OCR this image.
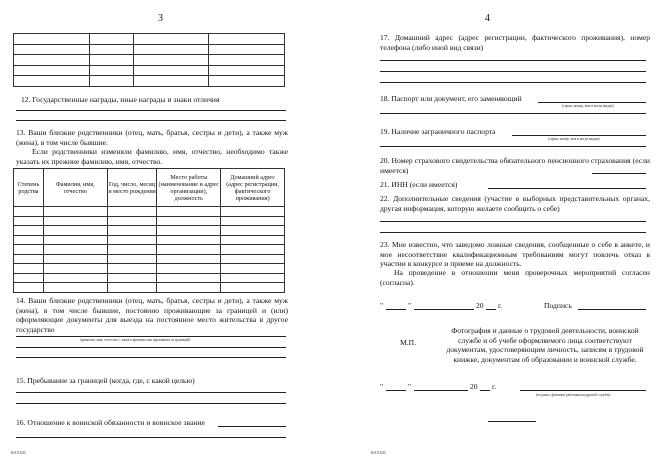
3

12. Государственные награды, иные награды и знаки отличия
13. Ваши близкие родственники (отец, мать, братья, сестры и дети), а также муж (жена), в том числе бывшие.
Если родственники изменяли фамилию, имя, отчество, необходимо также указать их прежние фамилию, имя, отчество.
Степень родства	Фамилия, имя, отчество	Год, число, месяц и место рождения	Место работы (наименование и адрес организации), должность	Домашний адрес (адрес регистрации, фактического проживания)

14. Ваши близкие родственники (отец, мать, братья, сестры и дети), а также муж (жена), в том числе бывшие, постоянно проживающие за границей и (или) оформляющие документы для выезда на постоянное место жительства в другое государство
(фамилия, имя, отчество, с какого времени они проживают за границей)
15. Пребывание за границей (когда, где, с какой целью)
16. Отношение к воинской обязанности и воинское звание
1615341
4
17. Домашний адрес (адрес регистрации, фактического проживания), номер телефона (либо иной вид связи)
18. Паспорт или документ, его заменяющий
(серия, номер, кем и когда выдан)
19. Наличие заграничного паспорта
(серия, номер, кем и когда выдан)
20. Номер страхового свидетельства обязательного пенсионного страхования (если имеется)
21. ИНН (если имеется)
22. Дополнительные сведения (участие в выборных представительных органах, другая информация, которую желаете сообщить о себе)
23. Мне известно, что заведомо ложные сведения, сообщенные о себе в анкете, и мое несоответствие квалификационным требованиям могут повлечь отказ в участии в конкурсе и приеме на должность.
На проведение в отношении меня проверочных мероприятий согласен (согласна).
"	"	20 г.	Подпись
М.П.
Фотография и данные о трудовой деятельности, воинской службе и об учебе оформляемого лица соответствуют документам, удостоверяющим личность, записям в трудовой книжке, документам об образовании и воинской службе.
"	"	20 г.
(подпись, фамилия работника кадровой службы)
1615341
